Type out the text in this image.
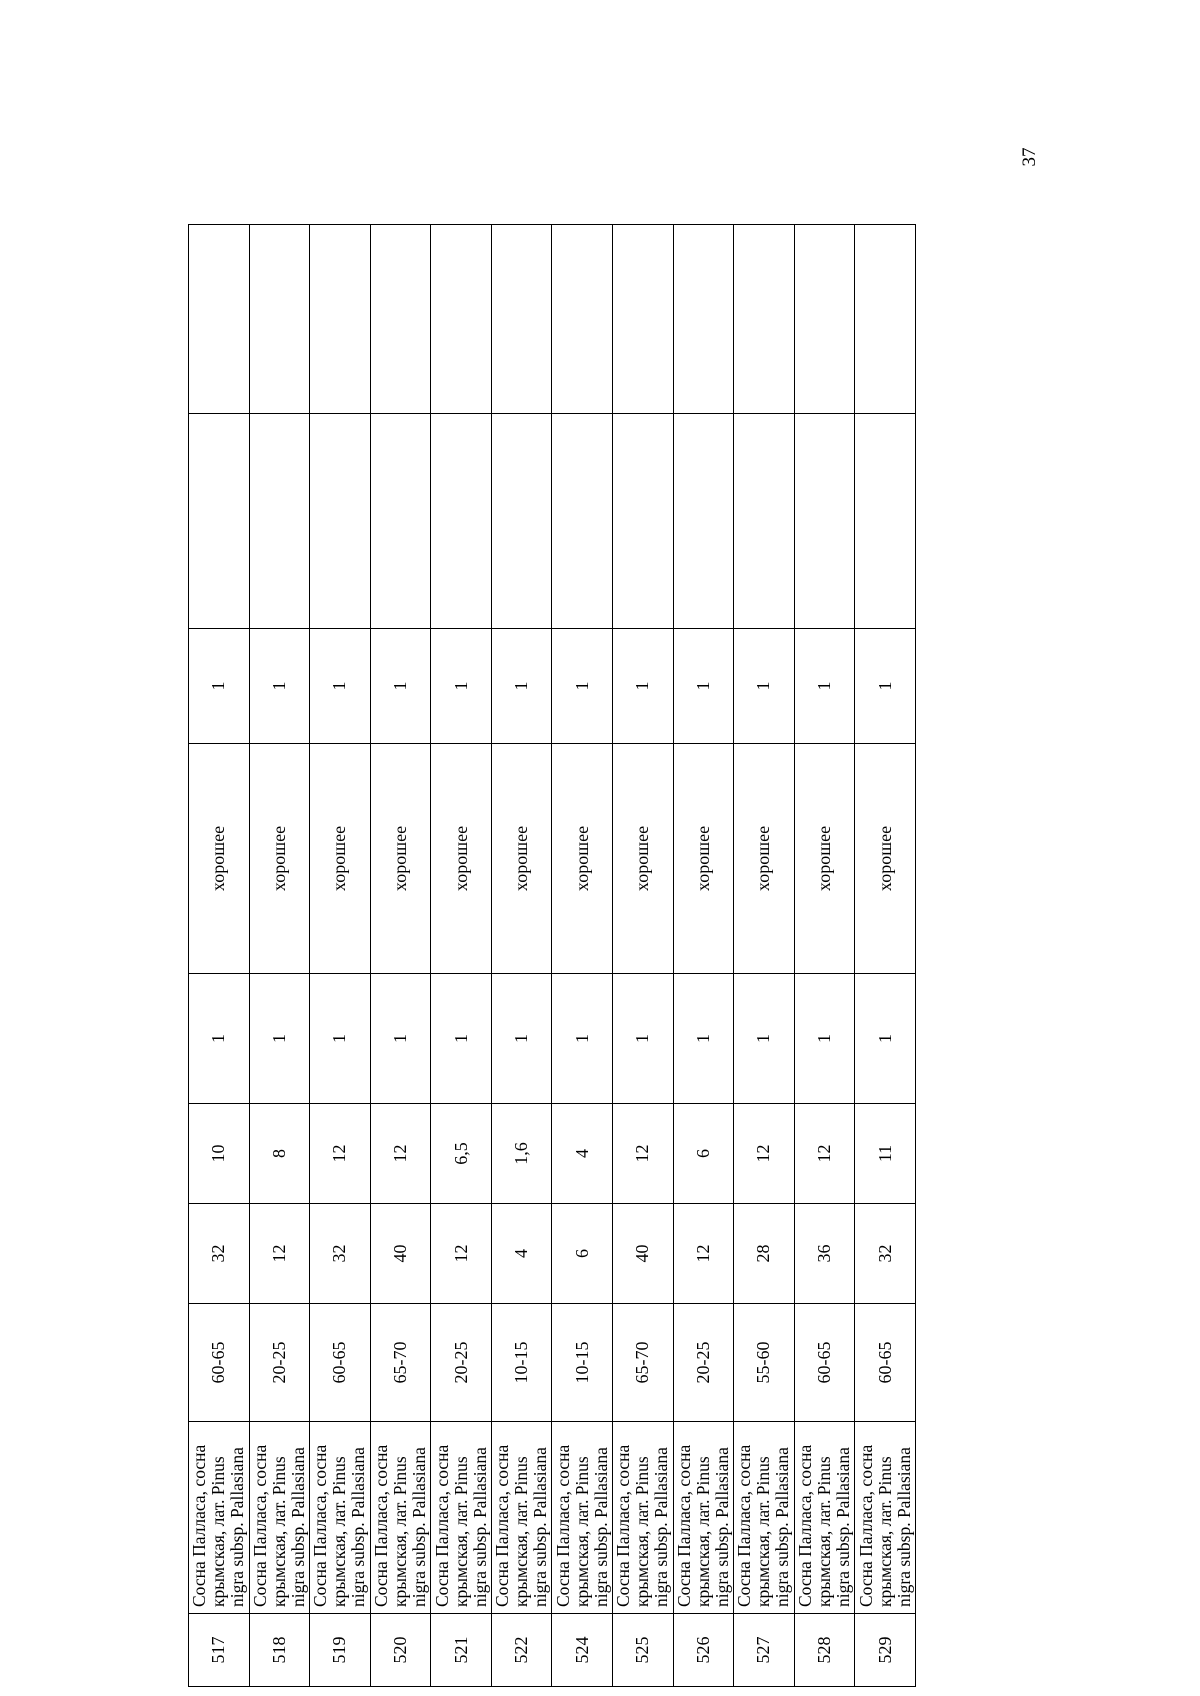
37
517	Сосна Палласа, сосна крымская, лат. Pinus nigra subsp. Pallasiana	60-65	32	10	1	хорошее	1		
518	Сосна Палласа, сосна крымская, лат. Pinus nigra subsp. Pallasiana	20-25	12	8	1	хорошее	1		
519	Сосна Палласа, сосна крымская, лат. Pinus nigra subsp. Pallasiana	60-65	32	12	1	хорошее	1		
520	Сосна Палласа, сосна крымская, лат. Pinus nigra subsp. Pallasiana	65-70	40	12	1	хорошее	1		
521	Сосна Палласа, сосна крымская, лат. Pinus nigra subsp. Pallasiana	20-25	12	6,5	1	хорошее	1		
522	Сосна Палласа, сосна крымская, лат. Pinus nigra subsp. Pallasiana	10-15	4	1,6	1	хорошее	1		
524	Сосна Палласа, сосна крымская, лат. Pinus nigra subsp. Pallasiana	10-15	6	4	1	хорошее	1		
525	Сосна Палласа, сосна крымская, лат. Pinus nigra subsp. Pallasiana	65-70	40	12	1	хорошее	1		
526	Сосна Палласа, сосна крымская, лат. Pinus nigra subsp. Pallasiana	20-25	12	6	1	хорошее	1		
527	Сосна Палласа, сосна крымская, лат. Pinus nigra subsp. Pallasiana	55-60	28	12	1	хорошее	1		
528	Сосна Палласа, сосна крымская, лат. Pinus nigra subsp. Pallasiana	60-65	36	12	1	хорошее	1		
529	Сосна Палласа, сосна крымская, лат. Pinus nigra subsp. Pallasiana	60-65	32	11	1	хорошее	1		
